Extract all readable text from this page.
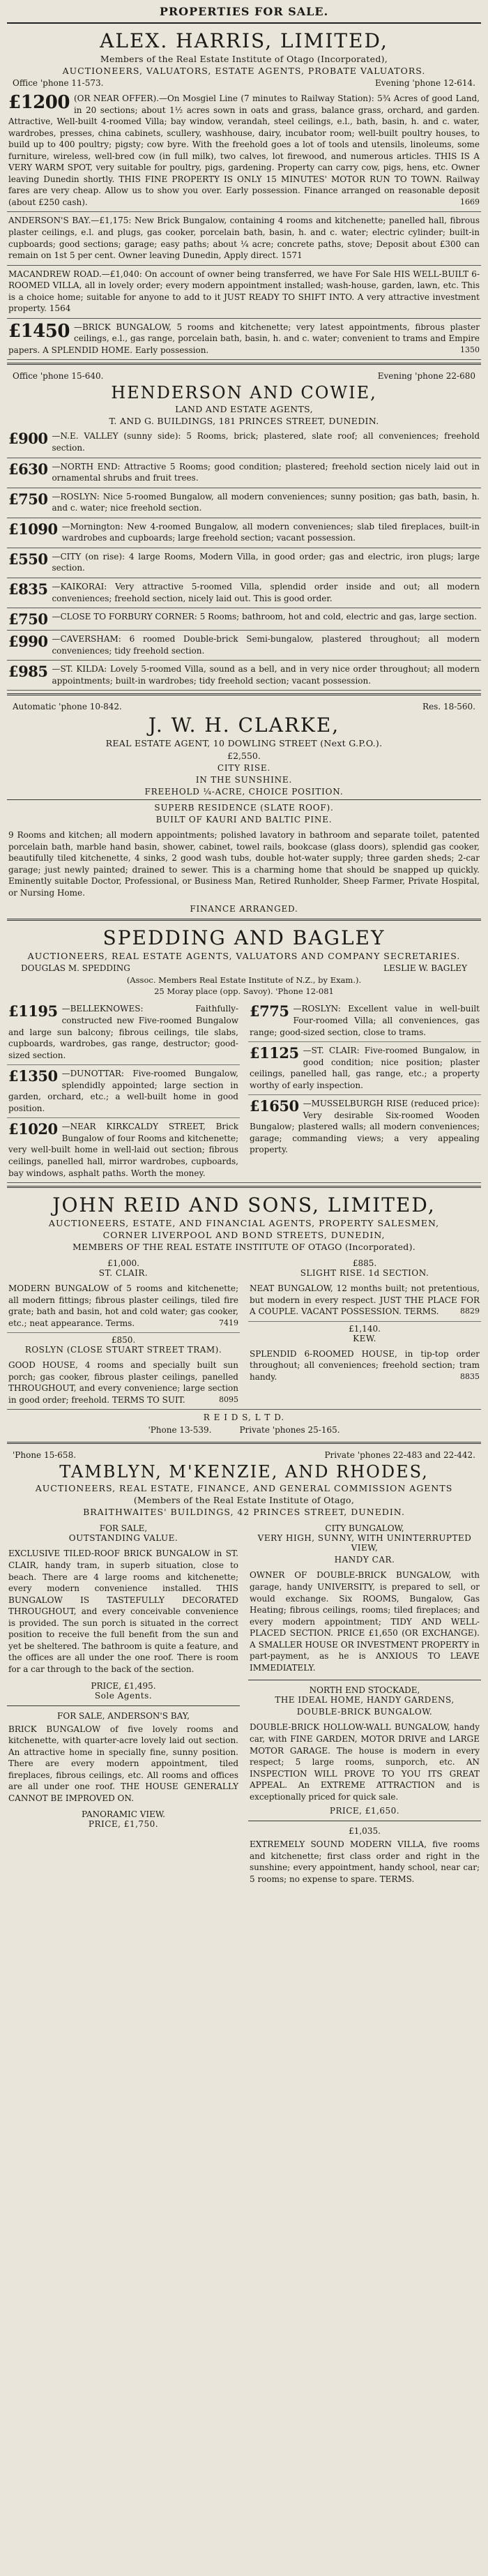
PROPERTIES FOR SALE.
ALEX. HARRIS, LIMITED,
Members of the Real Estate Institute of Otago (Incorporated),
AUCTIONEERS, VALUATORS, ESTATE AGENTS, PROBATE VALUATORS.
Office 'phone 11-573.	Evening 'phone 12-614.
£1200 (OR NEAR OFFER).—On Mosgiel Line (7 minutes to Railway Station): 5¾ Acres of good Land, in 20 sections; about 1½ acres sown in oats and grass, balance grass, orchard, and garden. Attractive, Well-built 4-roomed Villa; bay window, verandah, steel ceilings, e.l., bath, basin, h. and c. water, wardrobes, presses, china cabinets, scullery, washhouse, dairy, incubator room; well-built poultry houses, to build up to 400 poultry; pigsty; cow byre. With the freehold goes a lot of tools and utensils, linoleums, some furniture, wireless, well-bred cow (in full milk), two calves, lot firewood, and numerous articles. THIS IS A VERY WARM SPOT, very suitable for poultry, pigs, gardening. Property can carry cow, pigs, hens, etc. Owner leaving Dunedin shortly. THIS FINE PROPERTY IS ONLY 15 MINUTES' MOTOR RUN TO TOWN. Railway fares are very cheap. Allow us to show you over. Early possession. Finance arranged on reasonable deposit (about £250 cash).	1669
ANDERSON'S BAY.—£1,175: New Brick Bungalow, containing 4 rooms and kitchenette; panelled hall, fibrous plaster ceilings, e.l. and plugs, gas cooker, porcelain bath, basin, h. and c. water; electric cylinder; built-in cupboards; good sections; garage; easy paths; about ¼ acre; concrete paths, stove; Deposit about £300 can remain on 1st 5 per cent. Owner leaving Dunedin, Apply direct. 1571
MACANDREW ROAD.—£1,040: On account of owner being transferred, we have For Sale HIS WELL-BUILT 6-ROOMED VILLA, all in lovely order; every modern appointment installed; wash-house, garden, lawn, etc. This is a choice home; suitable for anyone to add to it JUST READY TO SHIFT INTO. A very attractive investment property. 1564
£1450 —BRICK BUNGALOW, 5 rooms and kitchenette; very latest appointments, fibrous plaster ceilings, e.l., gas range, porcelain bath, basin, h. and c. water; convenient to trams and Empire papers. A SPLENDID HOME. Early possession.	1350
Office 'phone 15-640.	Evening 'phone 22-680
HENDERSON AND COWIE,
LAND AND ESTATE AGENTS,
T. AND G. BUILDINGS, 181 PRINCES STREET, DUNEDIN.
£900 —N.E. VALLEY (sunny side): 5 Rooms, brick; plastered, slate roof; all conveniences; freehold section.
£630 —NORTH END: Attractive 5 Rooms; good condition; plastered; freehold section nicely laid out in ornamental shrubs and fruit trees.
£750 —ROSLYN: Nice 5-roomed Bungalow, all modern conveniences; sunny position; gas bath, basin, h. and c. water; nice freehold section.
£1090 —Mornington: New 4-roomed Bungalow, all modern conveniences; slab tiled fireplaces, built-in wardrobes and cupboards; large freehold section; vacant possession.
£550 —CITY (on rise): 4 large Rooms, Modern Villa, in good order; gas and electric, iron plugs; large section.
£835 —KAIKORAI: Very attractive 5-roomed Villa, splendid order inside and out; all modern conveniences; freehold section, nicely laid out. This is good order.
£750 —CLOSE TO FORBURY CORNER: 5 Rooms; bathroom, hot and cold, electric and gas, large section.
£990 —CAVERSHAM: 6 roomed Double-brick Semi-bungalow, plastered throughout; all modern conveniences; tidy freehold section.
£985 —ST. KILDA: Lovely 5-roomed Villa, sound as a bell, and in very nice order throughout; all modern appointments; built-in wardrobes; tidy freehold section; vacant possession.
Automatic 'phone 10-842.	Res. 18-560.
J. W. H. CLARKE,
REAL ESTATE AGENT, 10 DOWLING STREET (Next G.P.O.).
£2,550.
CITY RISE.
IN THE SUNSHINE.
FREEHOLD ¼-ACRE, CHOICE POSITION.
SUPERB RESIDENCE (SLATE ROOF).
BUILT OF KAURI AND BALTIC PINE.
9 Rooms and kitchen; all modern appointments; polished lavatory in bathroom and separate toilet, patented porcelain bath, marble hand basin, shower, cabinet, towel rails, bookcase (glass doors), splendid gas cooker, beautifully tiled kitchenette, 4 sinks, 2 good wash tubs, double hot-water supply; three garden sheds; 2-car garage; just newly painted; drained to sewer. This is a charming home that should be snapped up quickly. Eminently suitable Doctor, Professional, or Business Man, Retired Runholder, Sheep Farmer, Private Hospital, or Nursing Home.
FINANCE ARRANGED.
SPEDDING AND BAGLEY
AUCTIONEERS, REAL ESTATE AGENTS, VALUATORS AND COMPANY SECRETARIES.
DOUGLAS M. SPEDDING	LESLIE W. BAGLEY
(Assoc. Members Real Estate Institute of N.Z., by Exam.).
25 Moray place (opp. Savoy). 'Phone 12-081
£1195 —BELLEKNOWES: Faithfully-constructed new Five-roomed Bungalow and large sun balcony; fibrous ceilings, tile slabs, cupboards, wardrobes, gas range, destructor; good-sized section.
£1350 —DUNOTTAR: Five-roomed Bungalow, splendidly appointed; large section in garden, orchard, etc.; a well-built home in good position.
£1020 —NEAR KIRKCALDY STREET, Brick Bungalow of four Rooms and kitchenette; very well-built home in well-laid out section; fibrous ceilings, panelled hall, mirror wardrobes, cupboards, bay windows, asphalt paths. Worth the money.
£775 —ROSLYN: Excellent value in well-built Four-roomed Villa; all conveniences, gas range; good-sized section, close to trams.
£1125 —ST. CLAIR: Five-roomed Bungalow, in good condition; nice position; plaster ceilings, panelled hall, gas range, etc.; a property worthy of early inspection.
£1650 —MUSSELBURGH RISE (reduced price): Very desirable Six-roomed Wooden Bungalow; plastered walls; all modern conveniences; garage; commanding views; a very appealing property.
JOHN REID AND SONS, LIMITED,
AUCTIONEERS, ESTATE, AND FINANCIAL AGENTS, PROPERTY SALESMEN,
CORNER LIVERPOOL AND BOND STREETS, DUNEDIN,
MEMBERS OF THE REAL ESTATE INSTITUTE OF OTAGO (Incorporated).
£1,000.
ST. CLAIR.
MODERN BUNGALOW of 5 rooms and kitchenette; all modern fittings; fibrous plaster ceilings, tiled fire grate; bath and basin, hot and cold water; gas cooker, etc.; neat appearance. Terms.	7419
£850.
ROSLYN (CLOSE STUART STREET TRAM).
GOOD HOUSE, 4 rooms and specially built sun porch; gas cooker, fibrous plaster ceilings, panelled THROUGHOUT, and every convenience; large section in good order; freehold. TERMS TO SUIT.	8095
£885.
SLIGHT RISE. 1d SECTION.
NEAT BUNGALOW, 12 months built; not pretentious, but modern in every respect. JUST THE PLACE FOR A COUPLE. VACANT POSSESSION. TERMS.	8829
£1,140.
KEW.
SPLENDID 6-ROOMED HOUSE, in tip-top order throughout; all conveniences; freehold section; tram handy.	8835
R E I D S, L T D.
'Phone 13-539.	Private 'phones 25-165.
'Phone 15-658.	Private 'phones 22-483 and 22-442.
TAMBLYN, M'KENZIE, AND RHODES,
AUCTIONEERS, REAL ESTATE, FINANCE, AND GENERAL COMMISSION AGENTS
(Members of the Real Estate Institute of Otago,
BRAITHWAITES' BUILDINGS, 42 PRINCES STREET, DUNEDIN.
FOR SALE,
OUTSTANDING VALUE.
EXCLUSIVE TILED-ROOF BRICK BUNGALOW in ST. CLAIR, handy tram, in superb situation, close to beach. There are 4 large rooms and kitchenette; every modern convenience installed. THIS BUNGALOW IS TASTEFULLY DECORATED THROUGHOUT, and every conceivable convenience is provided. The sun porch is situated in the correct position to receive the full benefit from the sun and yet be sheltered. The bathroom is quite a feature, and the offices are all under the one roof. There is room for a car through to the back of the section.
PRICE, £1,495.
Sole Agents.
FOR SALE, ANDERSON'S BAY,
BRICK BUNGALOW of five lovely rooms and kitchenette, with quarter-acre lovely laid out section. An attractive home in specially fine, sunny position. There are every modern appointment, tiled fireplaces, fibrous ceilings, etc. All rooms and offices are all under one roof. THE HOUSE GENERALLY CANNOT BE IMPROVED ON.
PANORAMIC VIEW.
PRICE, £1,750.
CITY BUNGALOW,
VERY HIGH, SUNNY, WITH UNINTERRUPTED VIEW,
HANDY CAR.
OWNER OF DOUBLE-BRICK BUNGALOW, with garage, handy UNIVERSITY, is prepared to sell, or would exchange. Six ROOMS, Bungalow, Gas Heating; fibrous ceilings, rooms; tiled fireplaces; and every modern appointment; TIDY AND WELL-PLACED SECTION. PRICE £1,650 (OR EXCHANGE). A SMALLER HOUSE OR INVESTMENT PROPERTY in part-payment, as he is ANXIOUS TO LEAVE IMMEDIATELY.
NORTH END STOCKADE,
THE IDEAL HOME, HANDY GARDENS,
DOUBLE-BRICK BUNGALOW.
DOUBLE-BRICK HOLLOW-WALL BUNGALOW, handy car, with FINE GARDEN, MOTOR DRIVE and LARGE MOTOR GARAGE. The house is modern in every respect; 5 large rooms, sunporch, etc. AN INSPECTION WILL PROVE TO YOU ITS GREAT APPEAL. An EXTREME ATTRACTION and is exceptionally priced for quick sale.
PRICE, £1,650.
£1,035.
EXTREMELY SOUND MODERN VILLA, five rooms and kitchenette; first class order and right in the sunshine; every appointment, handy school, near car; 5 rooms; no expense to spare. TERMS.
